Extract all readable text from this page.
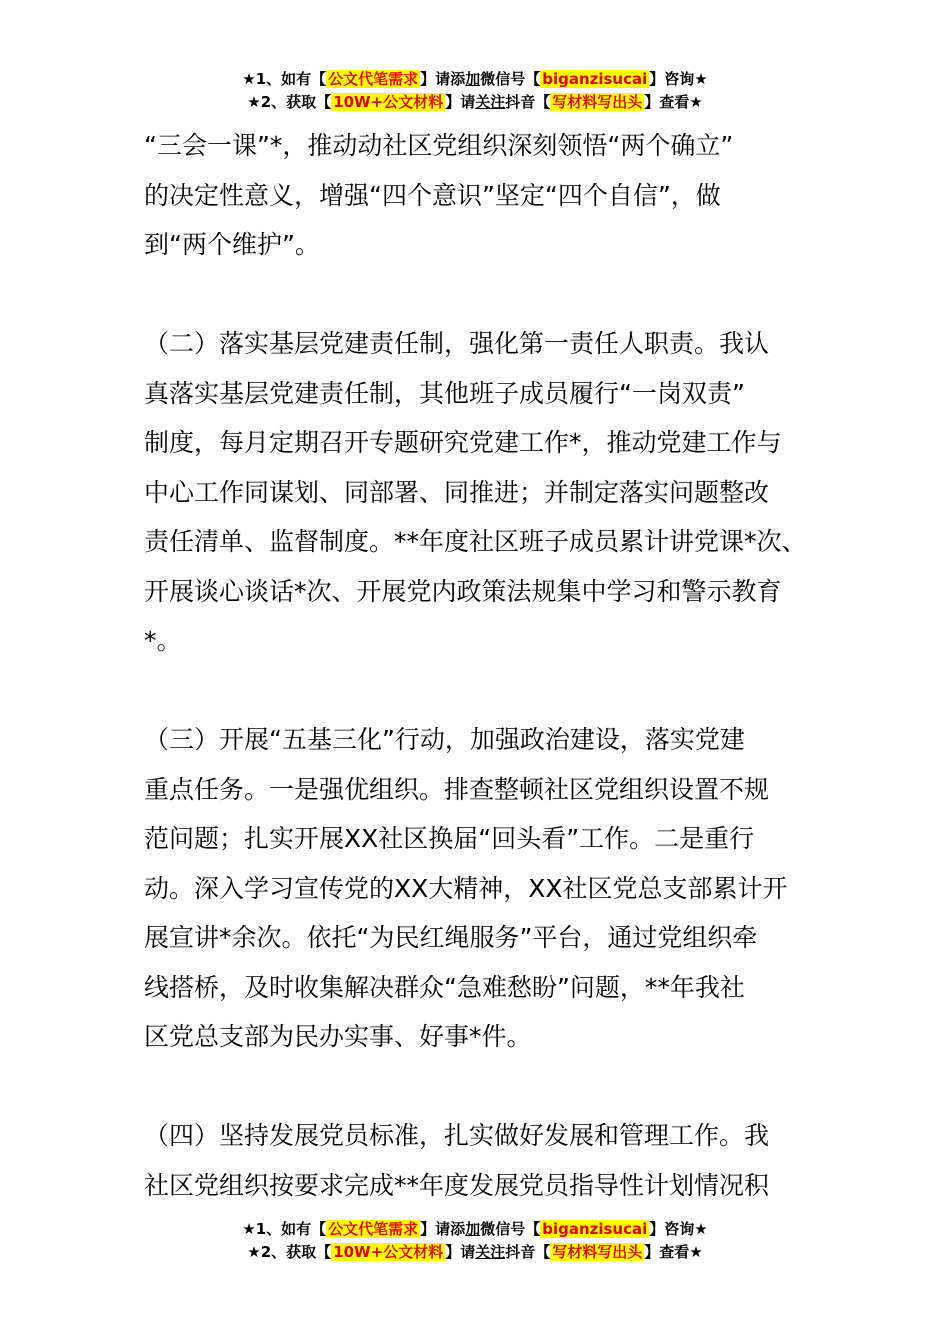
★1、如有【 公文代笔需求 】请添加微信号【 biganzisucai 】咨询★
★2、获取【 10W+公文材料 】请关注抖音【 写材料写出头 】查看★
“三会一课”*，推动动社区党组织深刻领悟“两个确立”
的决定性意义，增强“四个意识”坚定“四个自信”，做
到“两个维护”。
（二）落实基层党建责任制，强化第一责任人职责。我认
真落实基层党建责任制，其他班子成员履行“一岗双责”
制度，每月定期召开专题研究党建工作*，推动党建工作与
中心工作同谋划、同部署、同推进；并制定落实问题整改
责任清单、监督制度。**年度社区班子成员累计讲党课*次、
开展谈心谈话*次、开展党内政策法规集中学习和警示教育
*。
（三）开展“五基三化”行动，加强政治建设，落实党建
重点任务。一是强优组织。排查整顿社区党组织设置不规
范问题；扎实开展XX社区换届“回头看”工作。二是重行
动。深入学习宣传党的XX大精神，XX社区党总支部累计开
展宣讲*余次。依托“为民红绳服务”平台，通过党组织牵
线搭桥，及时收集解决群众“急难愁盼”问题，**年我社
区党总支部为民办实事、好事*件。
（四）坚持发展党员标准，扎实做好发展和管理工作。我
社区党组织按要求完成**年度发展党员指导性计划情况积
★1、如有【 公文代笔需求 】请添加微信号【 biganzisucai 】咨询★
★2、获取【 10W+公文材料 】请关注抖音【 写材料写出头 】查看★
